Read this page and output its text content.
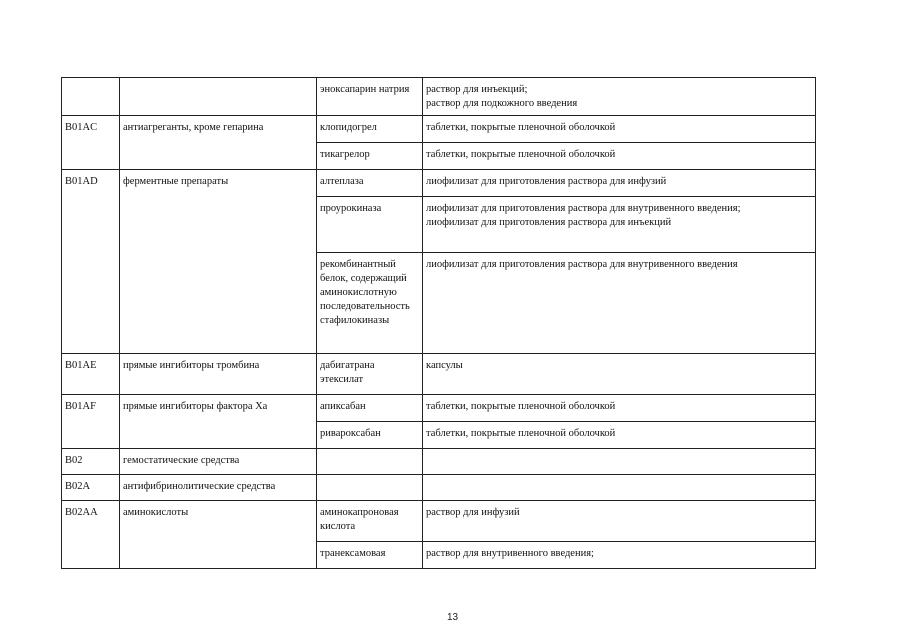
		эноксапарин натрия	раствор для инъекций;
раствор для подкожного введения

B01AC	антиагреганты, кроме гепарина	клопидогрел	таблетки, покрытые пленочной оболочкой

		тикагрелор	таблетки, покрытые пленочной оболочкой

B01AD	ферментные препараты	алтеплаза	лиофилизат для приготовления раствора для инфузий

		проурокиназа	лиофилизат для приготовления раствора для внутривенного введения;
лиофилизат для приготовления раствора для инъекций

		рекомбинантный белок, содержащий аминокислотную последовательность стафилокиназы	лиофилизат для приготовления раствора для внутривенного введения

B01AE	прямые ингибиторы тромбина	дабигатрана этексилат	капсулы

B01AF	прямые ингибиторы фактора Xa	апиксабан	таблетки, покрытые пленочной оболочкой

		ривароксабан	таблетки, покрытые пленочной оболочкой

B02	гемостатические средства		
B02A	антифибринолитические средства		
B02AA	аминокислоты	аминокапроновая кислота	раствор для инфузий

		транексамовая	раствор для внутривенного введения;
13
